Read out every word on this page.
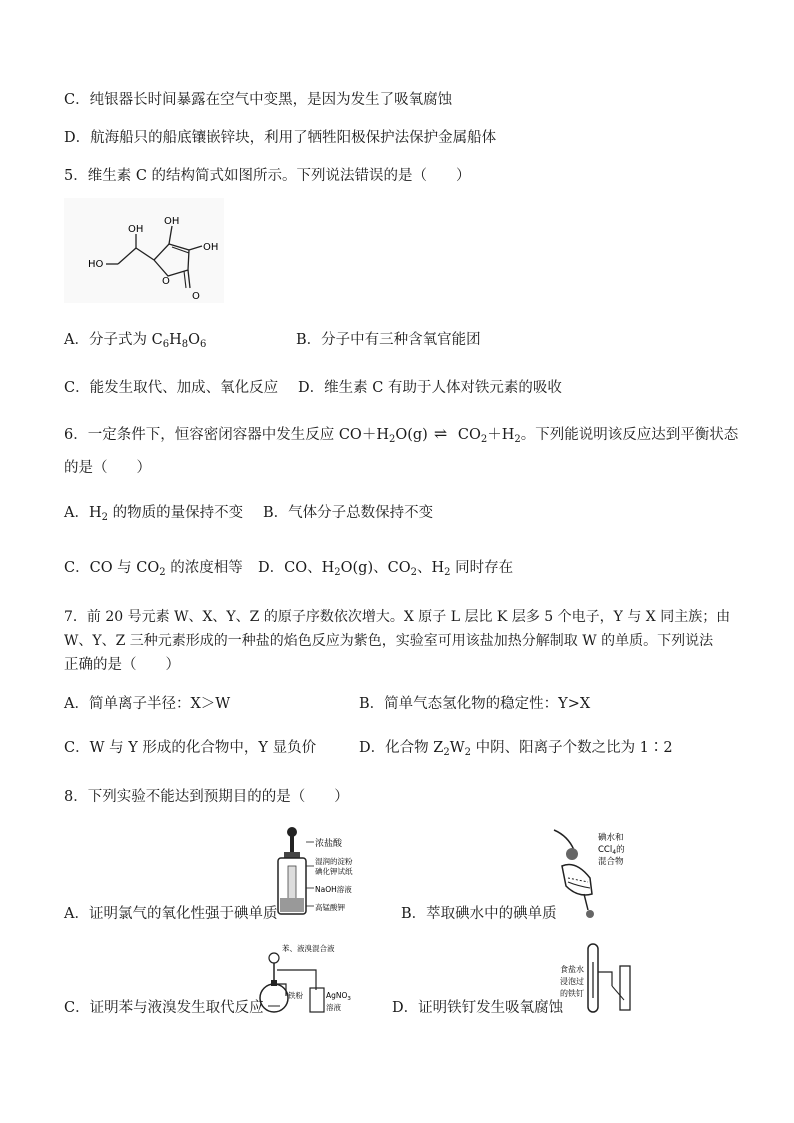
C．纯银器长时间暴露在空气中变黑，是因为发生了吸氧腐蚀
D．航海船只的船底镶嵌锌块，利用了牺牲阳极保护法保护金属船体
5．维生素 C 的结构简式如图所示。下列说法错误的是（　　）
OH
OH
HO
OH
O
O
A．分子式为 $C_6H_8O_6$	B．分子中有三种含氧官能团
C．能发生取代、加成、氧化反应 D．维生素 C 有助于人体对铁元素的吸收
6．一定条件下，恒容密闭容器中发生反应 $CO+H_2O(g)$ ⇌ $CO_2+H_2$。下列能说明该反应达到平衡状态
的是（　　）
A．$H_2$ 的物质的量保持不变 B．气体分子总数保持不变
C．CO 与 $CO_2$ 的浓度相等 D．CO、$H_2O(g)$、$CO_2$、$H_2$ 同时存在
7．前 20 号元素 W、X、Y、Z 的原子序数依次增大。X 原子 L 层比 K 层多 5 个电子，Y 与 X 同主族；由
W、Y、Z 三种元素形成的一种盐的焰色反应为紫色，实验室可用该盐加热分解制取 W 的单质。下列说法
正确的是（　　）
A．简单离子半径：X＞W	B．简单气态氢化物的稳定性：Y>X
C．W 与 Y 形成的化合物中，Y 显负价	D．化合物 $Z_2W_2$ 中阴、阳离子个数之比为 1∶2
8．下列实验不能达到预期目的的是（　　）
浓盐酸
湿润的淀粉
碘化钾试纸
NaOH溶液
高锰酸钾
A．证明氯气的氧化性强于碘单质
碘水和
CCl$_4$的
混合物
B．萃取碘水中的碘单质
苯、液溴混合液
铁粉	AgNO$_3$
溶液
C．证明苯与液溴发生取代反应
食盐水
浸泡过
的铁钉
D．证明铁钉发生吸氧腐蚀
